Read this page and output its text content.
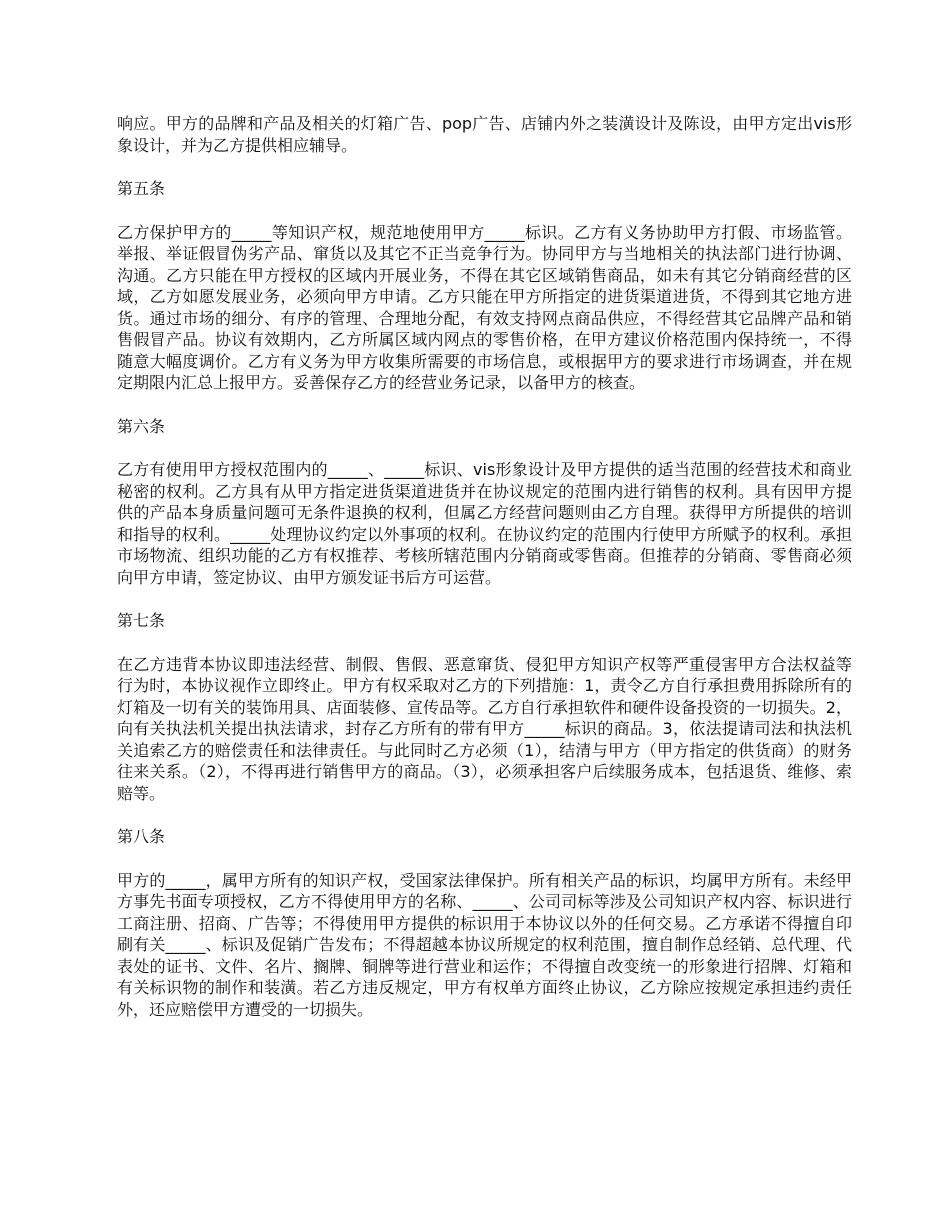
响应。甲方的品牌和产品及相关的灯箱广告、pop广告、店铺内外之装潢设计及陈设，由甲方定出vis形象设计，并为乙方提供相应辅导。

第五条

乙方保护甲方的_____等知识产权，规范地使用甲方_____标识。乙方有义务协助甲方打假、市场监管。举报、举证假冒伪劣产品、窜货以及其它不正当竞争行为。协同甲方与当地相关的执法部门进行协调、沟通。乙方只能在甲方授权的区域内开展业务，不得在其它区域销售商品，如未有其它分销商经营的区域，乙方如愿发展业务，必须向甲方申请。乙方只能在甲方所指定的进货渠道进货，不得到其它地方进货。通过市场的细分、有序的管理、合理地分配，有效支持网点商品供应，不得经营其它品牌产品和销售假冒产品。协议有效期内，乙方所属区域内网点的零售价格，在甲方建议价格范围内保持统一，不得随意大幅度调价。乙方有义务为甲方收集所需要的市场信息，或根据甲方的要求进行市场调查，并在规定期限内汇总上报甲方。妥善保存乙方的经营业务记录，以备甲方的核查。

第六条

乙方有使用甲方授权范围内的_____、_____标识、vis形象设计及甲方提供的适当范围的经营技术和商业秘密的权利。乙方具有从甲方指定进货渠道进货并在协议规定的范围内进行销售的权利。具有因甲方提供的产品本身质量问题可无条件退换的权利，但属乙方经营问题则由乙方自理。获得甲方所提供的培训和指导的权利。_____处理协议约定以外事项的权利。在协议约定的范围内行使甲方所赋予的权利。承担市场物流、组织功能的乙方有权推荐、考核所辖范围内分销商或零售商。但推荐的分销商、零售商必须向甲方申请，签定协议、由甲方颁发证书后方可运营。

第七条

在乙方违背本协议即违法经营、制假、售假、恶意窜货、侵犯甲方知识产权等严重侵害甲方合法权益等行为时，本协议视作立即终止。甲方有权采取对乙方的下列措施：1，责令乙方自行承担费用拆除所有的灯箱及一切有关的装饰用具、店面装修、宣传品等。乙方自行承担软件和硬件设备投资的一切损失。2，向有关执法机关提出执法请求，封存乙方所有的带有甲方_____标识的商品。3，依法提请司法和执法机关追索乙方的赔偿责任和法律责任。与此同时乙方必须（1），结清与甲方（甲方指定的供货商）的财务往来关系。（2），不得再进行销售甲方的商品。（3），必须承担客户后续服务成本，包括退货、维修、索赔等。

第八条

甲方的_____，属甲方所有的知识产权，受国家法律保护。所有相关产品的标识，均属甲方所有。未经甲方事先书面专项授权，乙方不得使用甲方的名称、_____、公司司标等涉及公司知识产权内容、标识进行工商注册、招商、广告等；不得使用甲方提供的标识用于本协议以外的任何交易。乙方承诺不得擅自印刷有关_____、标识及促销广告发布；不得超越本协议所规定的权利范围，擅自制作总经销、总代理、代表处的证书、文件、名片、搁牌、铜牌等进行营业和运作；不得擅自改变统一的形象进行招牌、灯箱和有关标识物的制作和装潢。若乙方违反规定，甲方有权单方面终止协议，乙方除应按规定承担违约责任外，还应赔偿甲方遭受的一切损失。
